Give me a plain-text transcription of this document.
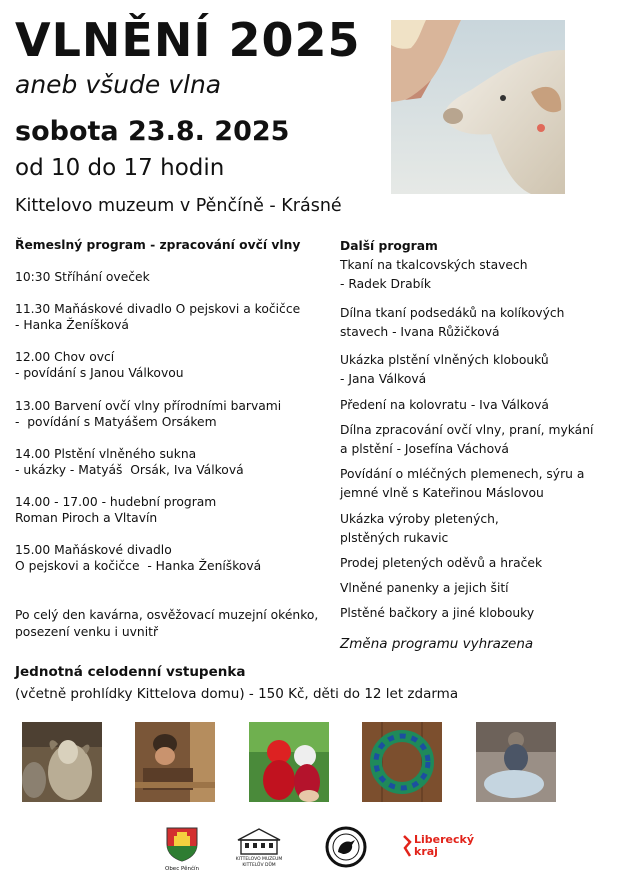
VLNĚNÍ 2025
aneb všude vlna
sobota 23.8. 2025
od 10 do 17 hodin
Kittelovo muzeum v Pěnčíně - Krásné
Řemeslný program - zpracování ovčí vlny
10:30 Stříhání oveček
11.30 Maňáskové divadlo O pejskovi a kočičce
- Hanka Ženíšková
12.00 Chov ovcí
- povídání s Janou Válkovou
13.00 Barvení ovčí vlny přírodními barvami
-  povídání s Matyášem Orsákem
14.00 Plstění vlněného sukna
- ukázky - Matyáš  Orsák, Iva Válková
14.00 - 17.00 - hudební program
Roman Piroch a Vltavín
15.00 Maňáskové divadlo
O pejskovi a kočičce  - Hanka Ženíšková
Po celý den kavárna, osvěžovací muzejní okénko,
posezení venku i uvnitř
Další program
Tkaní na tkalcovských stavech
- Radek Drabík
Dílna tkaní podsedáků na kolíkových
stavech - Ivana Růžičková
Ukázka plstění vlněných klobouků
- Jana Válková
Předení na kolovratu - Iva Válková
Dílna zpracování ovčí vlny, praní, mykání
a plstění - Josefína Váchová
Povídání o mléčných plemenech, sýru a
jemné vlně s Kateřinou Máslovou
Ukázka výroby pletených,
plstěných rukavic
Prodej pletených oděvů a hraček
Vlněné panenky a jejich šití
Plstěné bačkory a jiné klobouky
Změna programu vyhrazena
Jednotná celodenní vstupenka
(včetně prohlídky Kittelova domu) - 150 Kč, děti do 12 let zdarma
Obec Pěnčín
KITTELOVO MUZEUM
KITTELŮV DŮM
Liberecký
kraj
